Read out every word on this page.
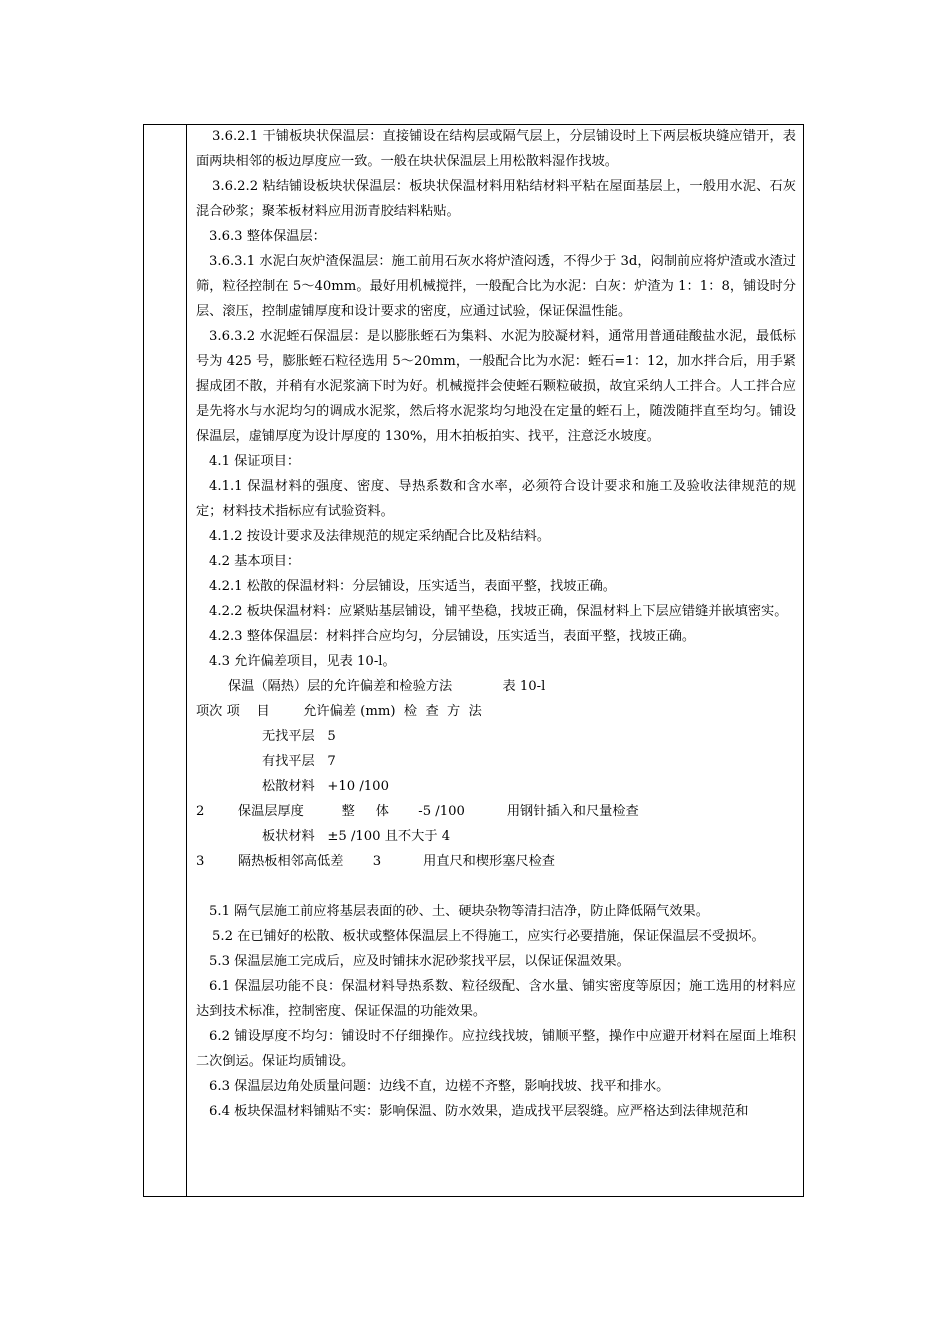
3.6.2.1 干铺板块状保温层：直接铺设在结构层或隔气层上，分层铺设时上下两层板块缝应错开，表面两块相邻的板边厚度应一致。一般在块状保温层上用松散料湿作找坡。

3.6.2.2 粘结铺设板块状保温层：板块状保温材料用粘结材料平粘在屋面基层上，一般用水泥、石灰混合砂浆；聚苯板材料应用沥青胶结料粘贴。

3.6.3 整体保温层：

3.6.3.1 水泥白灰炉渣保温层：施工前用石灰水将炉渣闷透，不得少于 3d，闷制前应将炉渣或水渣过筛，粒径控制在 5～40mm。最好用机械搅拌，一般配合比为水泥：白灰：炉渣为 1：1：8，铺设时分层、滚压，控制虚铺厚度和设计要求的密度，应通过试验，保证保温性能。

3.6.3.2 水泥蛭石保温层：是以膨胀蛭石为集料、水泥为胶凝材料，通常用普通硅酸盐水泥，最低标号为 425 号，膨胀蛭石粒径选用 5～20mm，一般配合比为水泥：蛭石=1：12，加水拌合后，用手紧握成团不散，并稍有水泥浆滴下时为好。机械搅拌会使蛭石颗粒破损，故宜采纳人工拌合。人工拌合应是先将水与水泥均匀的调成水泥浆，然后将水泥浆均匀地没在定量的蛭石上，随泼随拌直至均匀。铺设保温层，虚铺厚度为设计厚度的 130%，用木拍板拍实、找平，注意泛水坡度。

4.1 保证项目：

4.1.1 保温材料的强度、密度、导热系数和含水率，必须符合设计要求和施工及验收法律规范的规定；材料技术指标应有试验资料。

4.1.2 按设计要求及法律规范的规定采纳配合比及粘结料。

4.2 基本项目：

4.2.1 松散的保温材料：分层铺设，压实适当，表面平整，找坡正确。

4.2.2 板块保温材料：应紧贴基层铺设，铺平垫稳，找坡正确，保温材料上下层应错缝并嵌填密实。

4.2.3 整体保温层：材料拌合应均匀，分层铺设，压实适当，表面平整，找坡正确。

4.3 允许偏差项目，见表 10-l。

保温（隔热）层的允许偏差和检验方法            表 10-l
项次 项    目        允许偏差 (mm)  检  查  方  法
无找平层   5
有找平层   7
松散材料   +10 /100
2        保温层厚度         整     体       -5 /100          用钢针插入和尺量检查
板状材料   ±5 /100 且不大于 4
3        隔热板相邻高低差       3          用直尺和楔形塞尺检查

5.1 隔气层施工前应将基层表面的砂、土、硬块杂物等清扫洁净，防止降低隔气效果。

5.2 在已铺好的松散、板状或整体保温层上不得施工，应实行必要措施，保证保温层不受损坏。

5.3 保温层施工完成后，应及时铺抹水泥砂浆找平层，以保证保温效果。

6.1 保温层功能不良：保温材料导热系数、粒径级配、含水量、铺实密度等原因；施工选用的材料应达到技术标准，控制密度、保证保温的功能效果。

6.2 铺设厚度不均匀：铺设时不仔细操作。应拉线找坡，铺顺平整，操作中应避开材料在屋面上堆积二次倒运。保证均质铺设。

6.3 保温层边角处质量问题：边线不直，边槎不齐整，影响找坡、找平和排水。

6.4 板块保温材料铺贴不实：影响保温、防水效果，造成找平层裂缝。应严格达到法律规范和
